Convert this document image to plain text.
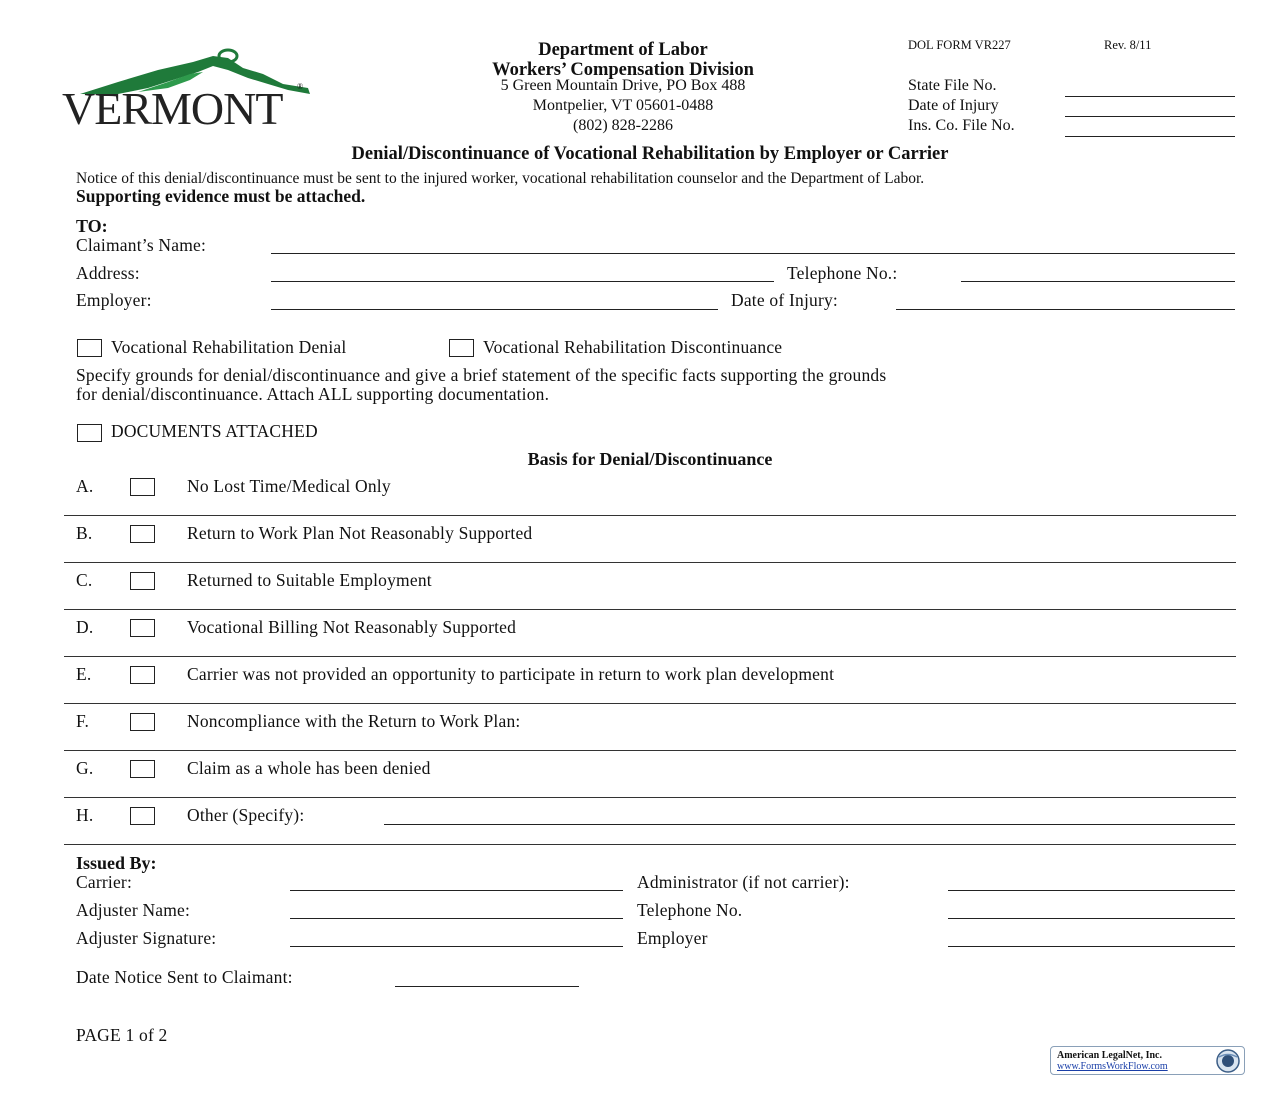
VERMONT ®
Department of Labor
Workers’ Compensation Division
5 Green Mountain Drive, PO Box 488
Montpelier, VT 05601-0488
(802) 828-2286
DOL FORM VR227	Rev. 8/11
State File No.
Date of Injury
Ins. Co. File No.
Denial/Discontinuance of Vocational Rehabilitation by Employer or Carrier
Notice of this denial/discontinuance must be sent to the injured worker, vocational rehabilitation counselor and the Department of Labor.
Supporting evidence must be attached.
TO:
Claimant’s Name:
Address:	Telephone No.:
Employer:	Date of Injury:
Vocational Rehabilitation Denial	Vocational Rehabilitation Discontinuance
Specify grounds for denial/discontinuance and give a brief statement of the specific facts supporting the grounds
for denial/discontinuance. Attach ALL supporting documentation.
DOCUMENTS ATTACHED
Basis for Denial/Discontinuance
A.	No Lost Time/Medical Only
B.	Return to Work Plan Not Reasonably Supported
C.	Returned to Suitable Employment
D.	Vocational Billing Not Reasonably Supported
E.	Carrier was not provided an opportunity to participate in return to work plan development
F.	Noncompliance with the Return to Work Plan:
G.	Claim as a whole has been denied
H.	Other (Specify):
Issued By:
Carrier:	Administrator (if not carrier):
Adjuster Name:	Telephone No.
Adjuster Signature:	Employer
Date Notice Sent to Claimant:
PAGE 1 of 2
American LegalNet, Inc.
www.FormsWorkFlow.com
